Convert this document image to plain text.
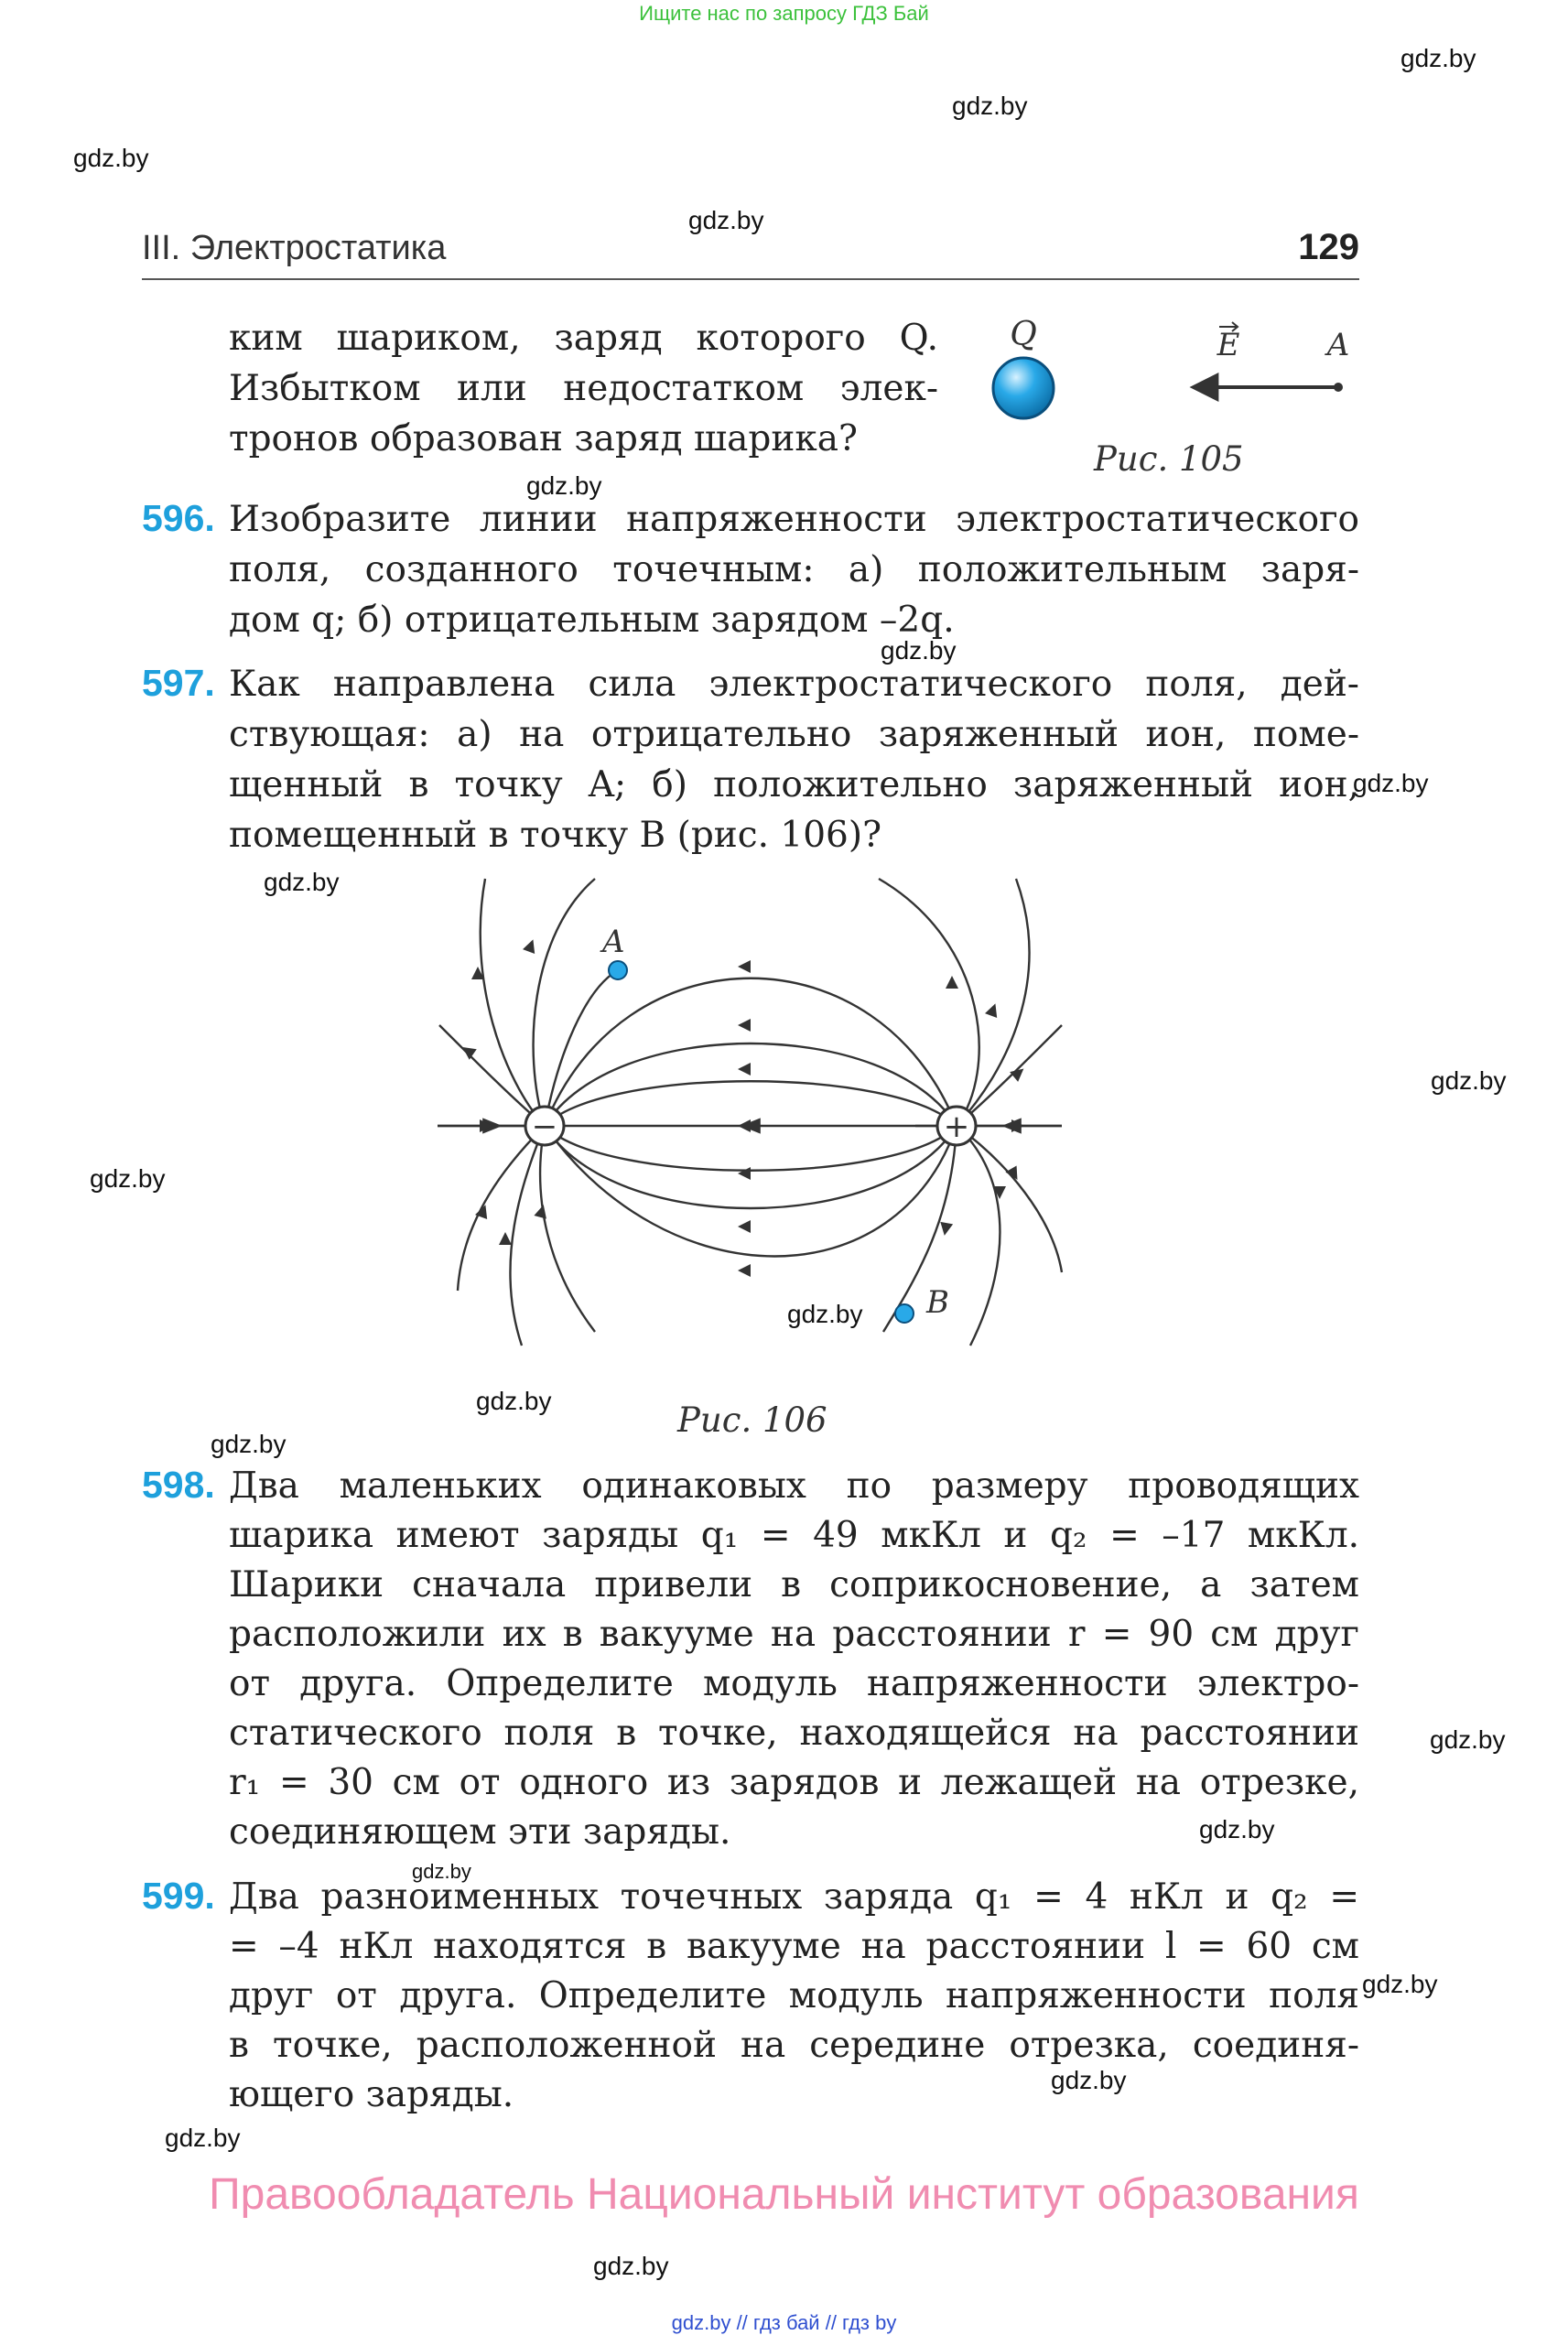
Ищите нас по запросу ГДЗ Бай
gdz.by
gdz.by
gdz.by
gdz.by
gdz.by
gdz.by
gdz.by
gdz.by
gdz.by
gdz.by
gdz.by
gdz.by
gdz.by
gdz.by
gdz.by
gdz.by
gdz.by
gdz.by
gdz.by
gdz.by
III. Электростатика	129
ким шариком, заряд которого Q.
Избытком или недостатком элек-
тронов образован заряд шарика?
Q	E	A
Рис. 105
596. Изобразите линии напряженности электростатического
поля, созданного точечным: а) положительным заря-
дом q; б) отрицательным зарядом –2q.
597. Как направлена сила электростатического поля, дей-
ствующая: а) на отрицательно заряженный ион, поме-
щенный в точку A; б) положительно заряженный ион,
помещенный в точку B (рис. 106)?
−	+
A
B
Рис. 106
598. Два маленьких одинаковых по размеру проводящих
шарика имеют заряды q₁ = 49 мкКл и q₂ = –17 мкКл.
Шарики сначала привели в соприкосновение, а затем
расположили их в вакууме на расстоянии r = 90 см друг
от друга. Определите модуль напряженности электро-
статического поля в точке, находящейся на расстоянии
r₁ = 30 см от одного из зарядов и лежащей на отрезке,
соединяющем эти заряды.
599. Два разноименных точечных заряда q₁ = 4 нКл и q₂ =
= –4 нКл находятся в вакууме на расстоянии l = 60 см
друг от друга. Определите модуль напряженности поля
в точке, расположенной на середине отрезка, соединя-
ющего заряды.
Правообладатель Национальный институт образования
gdz.by // гдз бай // гдз by
